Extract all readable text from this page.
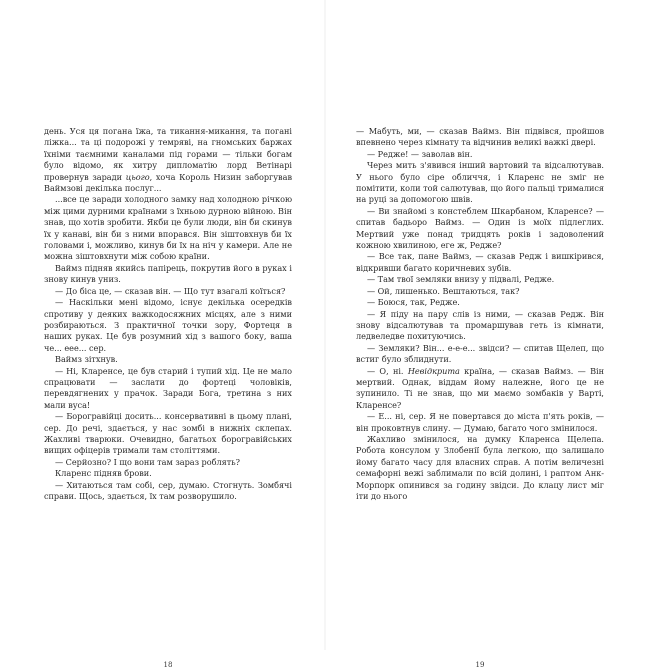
день. Уся ця погана їжа, та тикання-микання, та погані ліжка... та ці подорожі у темряві, на гномських баржах їхніми таємними каналами під горами — тільки богам було відомо, як хитру дипломатію лорд Ветінарі провернув заради цього, хоча Король Низин заборгував Ваймзові декілька послуг...

...все це заради холодного замку над холодною річкою між цими дурними країнами з їхньою дурною війною. Він знав, що хотів зробити. Якби це були люди, він би скинув їх у канаві, він би з ними впорався. Він зіштовхнув би їх головами і, можливо, кинув би їх на ніч у камери. Але не можна зіштовхнути між собою країни.

Ваймз підняв якийсь папірець, покрутив його в руках і знову кинув униз.

— До біса це, — сказав він. — Що тут взагалі коїться?

— Наскільки мені відомо, існує декілька осередків спротиву у деяких важкодосяжних місцях, але з ними розбираються. З практичної точки зору, Фортеця в наших руках. Це був розумний хід з вашого боку, ваша че... еее... сер.

Ваймз зітхнув.

— Ні, Кларенсе, це був старий і тупий хід. Це не мало спрацювати — заслати до фортеці чоловіків, перевдягнених у прачок. Заради Бога, третина з них мали вуса!

— Борогравійці досить... консервативні в цьому плані, сер. До речі, здається, у нас зомбі в нижніх склепах. Жахливі тварюки. Очевидно, багатьох борогравійських вищих офіцерів тримали там століттями.

— Серйозно? І що вони там зараз роблять?

Кларенс підняв брови.

— Хитаються там собі, сер, думаю. Стогнуть. Зомбячі справи. Щось, здається, їх там розворушило.

18

— Мабуть, ми, — сказав Ваймз. Він підвівся, пройшов впевнено через кімнату та відчинив великі важкі двері.

— Редже! — заволав він.

Через мить з'явився інший вартовий та відсалютував. У нього було сіре обличчя, і Кларенс не зміг не помітити, коли той салютував, що його пальці трималися на руці за допомогою швів.

— Ви знайомі з констеблем Шкарбаном, Кларенсе? — спитав бадьоро Ваймз. — Один із моїх підлеглих. Мертвий уже понад тридцять років і задоволений кожною хвилиною, еге ж, Редже?

— Все так, пане Ваймз, — сказав Редж і вишкірився, відкривши багато коричневих зубів.

— Там твої земляки внизу у підвалі, Редже.

— Ой, лишенько. Вештаються, так?

— Боюся, так, Редже.

— Я піду на пару слів із ними, — сказав Редж. Він знову відсалютував та промаршував геть із кімнати, ледвеледве похитуючись.

— Земляки? Він... е-е-е... звідси? — спитав Щелеп, що встиг було зблиднути.

— О, ні. Невідкрита країна, — сказав Ваймз. — Він мертвий. Однак, віддам йому належне, його це не зупинило. Ті не знав, що ми маємо зомбаків у Варті, Кларенсе?

— Е... ні, сер. Я не повертався до міста п'ять років, — він проковтнув слину. — Думаю, багато чого змінилося.

Жахливо змінилося, на думку Кларенса Щелепа. Робота консулом у Злобенії була легкою, що залишало йому багато часу для власних справ. А потім величезні семафорні вежі заблимали по всій долині, і раптом Анк-Морпорк опинився за годину звідси. До клацу лист міг іти до нього

19
